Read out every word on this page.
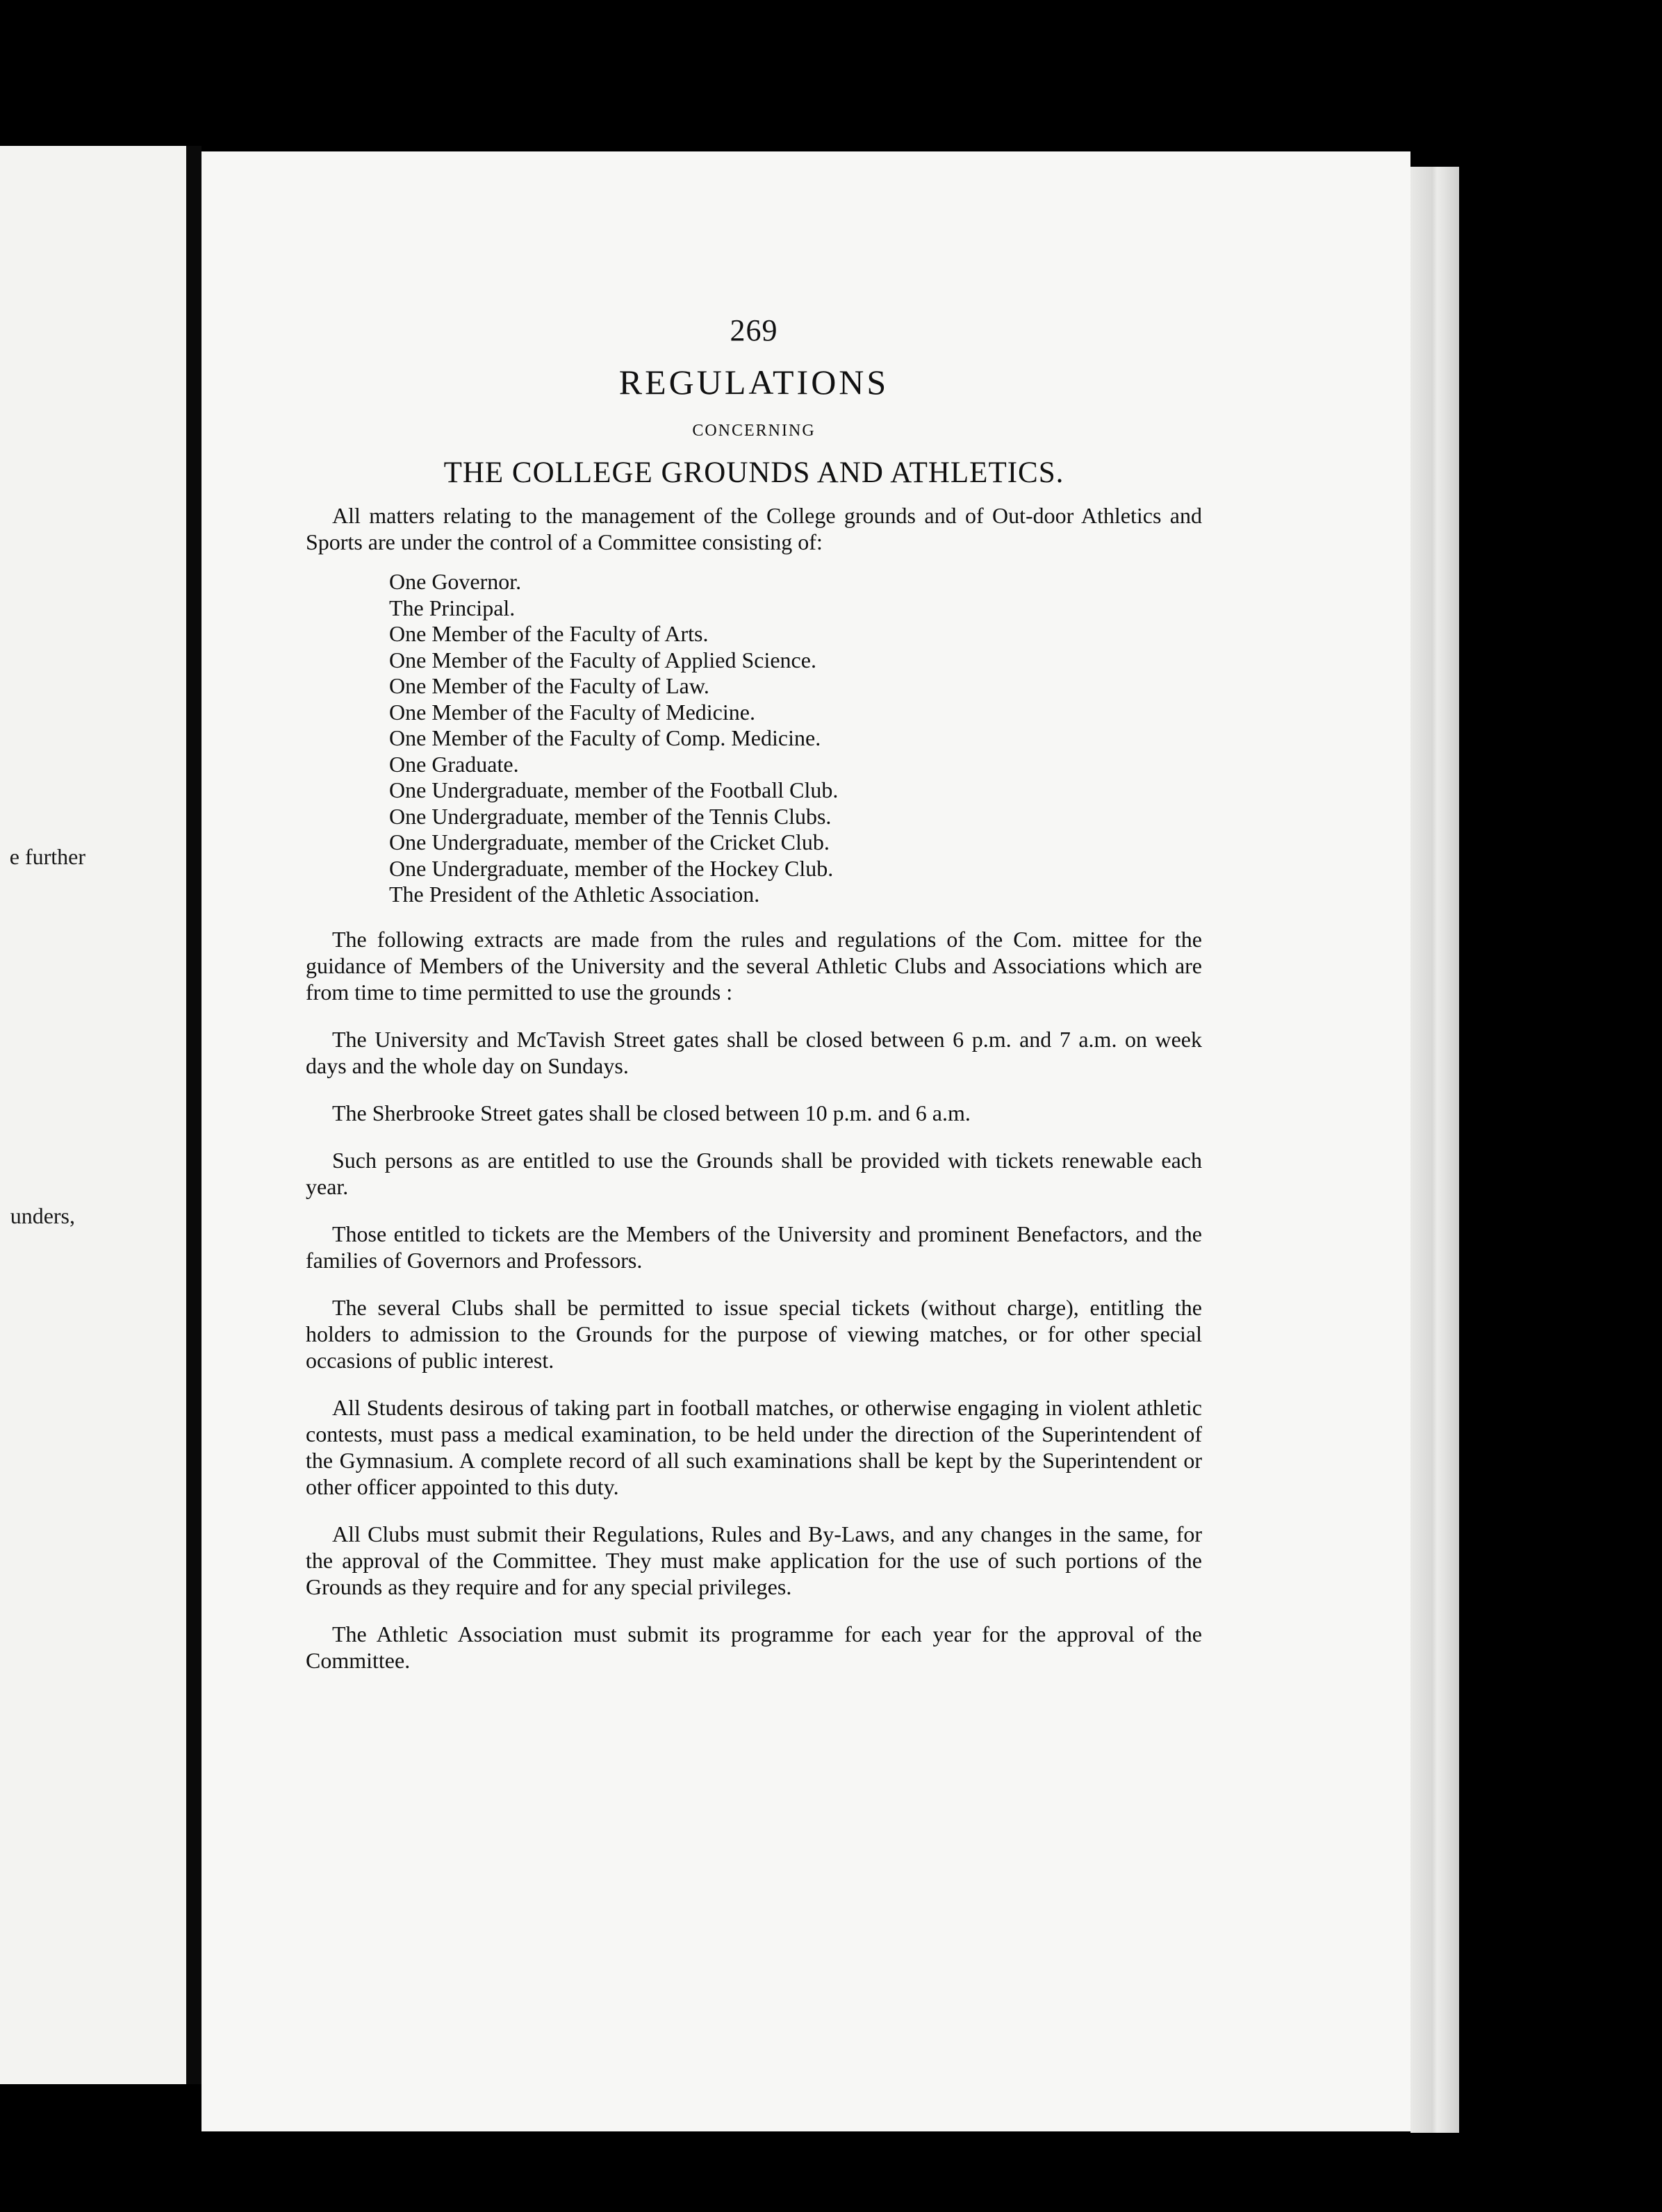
e further
unders,
269
REGULATIONS
CONCERNING
THE COLLEGE GROUNDS AND ATHLETICS.

All matters relating to the management of the College grounds and of Out-door Athletics and Sports are under the control of a Committee consisting of:

One Governor.
The Principal.
One Member of the Faculty of Arts.
One Member of the Faculty of Applied Science.
One Member of the Faculty of Law.
One Member of the Faculty of Medicine.
One Member of the Faculty of Comp. Medicine.
One Graduate.
One Undergraduate, member of the Football Club.
One Undergraduate, member of the Tennis Clubs.
One Undergraduate, member of the Cricket Club.
One Undergraduate, member of the Hockey Club.
The President of the Athletic Association.

The following extracts are made from the rules and regulations of the Com. mittee for the guidance of Members of the University and the several Athletic Clubs and Associations which are from time to time permitted to use the grounds :

The University and McTavish Street gates shall be closed between 6 p.m. and 7 a.m. on week days and the whole day on Sundays.

The Sherbrooke Street gates shall be closed between 10 p.m. and 6 a.m.

Such persons as are entitled to use the Grounds shall be provided with tickets renewable each year.

Those entitled to tickets are the Members of the University and prominent Benefactors, and the families of Governors and Professors.

The several Clubs shall be permitted to issue special tickets (without charge), entitling the holders to admission to the Grounds for the purpose of viewing matches, or for other special occasions of public interest.

All Students desirous of taking part in football matches, or otherwise engaging in violent athletic contests, must pass a medical examination, to be held under the direction of the Superintendent of the Gymnasium. A complete record of all such examinations shall be kept by the Superintendent or other officer appointed to this duty.

All Clubs must submit their Regulations, Rules and By-Laws, and any changes in the same, for the approval of the Committee. They must make application for the use of such portions of the Grounds as they require and for any special privileges.

The Athletic Association must submit its programme for each year for the approval of the Committee.
